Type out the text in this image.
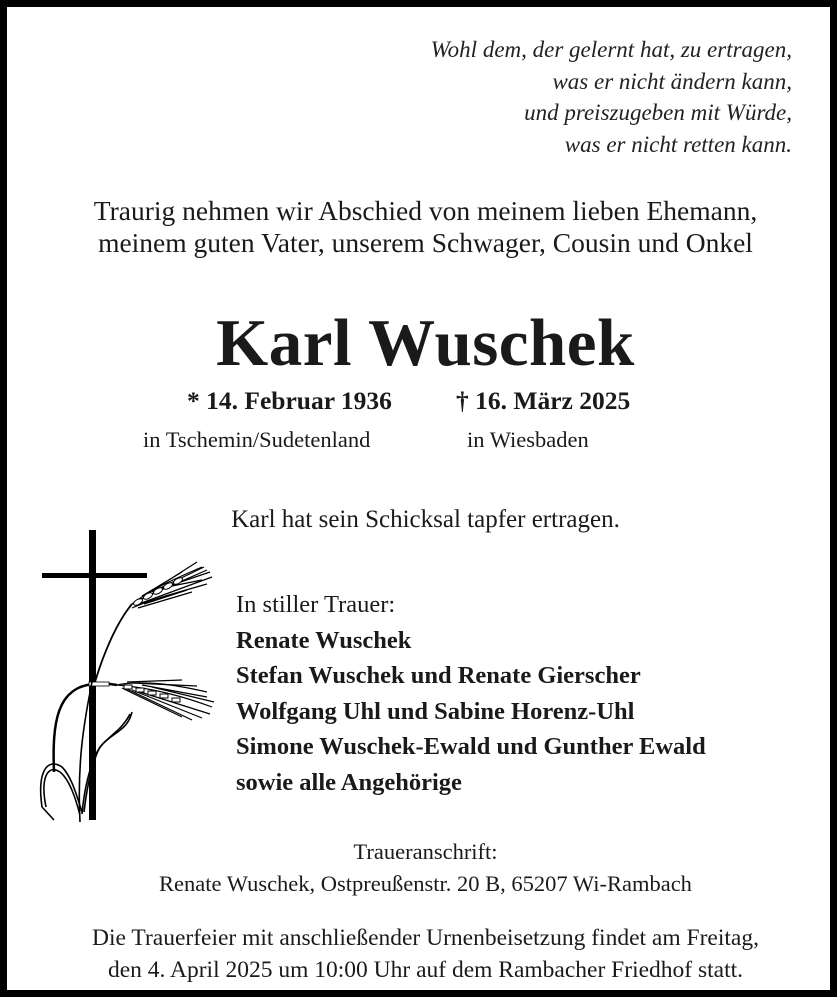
Wohl dem, der gelernt hat, zu ertragen,
was er nicht ändern kann,
und preiszugeben mit Würde,
was er nicht retten kann.
Traurig nehmen wir Abschied von meinem lieben Ehemann,
meinem guten Vater, unserem Schwager, Cousin und Onkel
Karl Wuschek
* 14. Februar 1936	† 16. März 2025
in Tschemin/Sudetenland	in Wiesbaden
Karl hat sein Schicksal tapfer ertragen.
In stiller Trauer:
Renate Wuschek
Stefan Wuschek und Renate Gierscher
Wolfgang Uhl und Sabine Horenz-Uhl
Simone Wuschek-Ewald und Gunther Ewald
sowie alle Angehörige
Traueranschrift:
Renate Wuschek, Ostpreußenstr. 20 B, 65207 Wi-Rambach
Die Trauerfeier mit anschließender Urnenbeisetzung findet am Freitag,
den 4. April 2025 um 10:00 Uhr auf dem Rambacher Friedhof statt.
